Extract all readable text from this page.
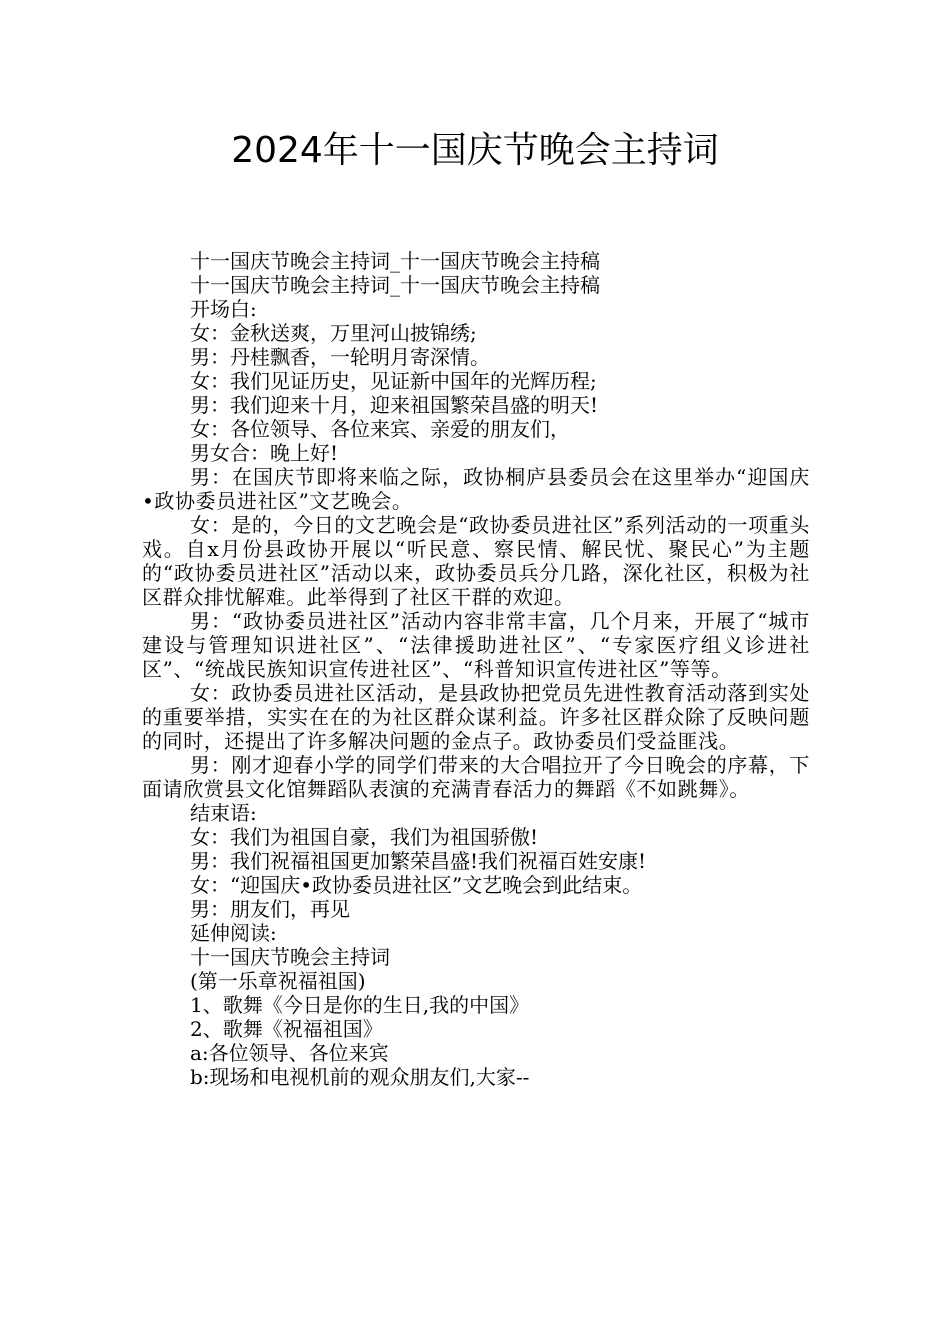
2024年十一国庆节晚会主持词

十一国庆节晚会主持词_十一国庆节晚会主持稿

十一国庆节晚会主持词_十一国庆节晚会主持稿

开场白:

女：金秋送爽，万里河山披锦绣;

男：丹桂飘香，一轮明月寄深情。

女：我们见证历史，见证新中国年的光辉历程;

男：我们迎来十月，迎来祖国繁荣昌盛的明天!

女：各位领导、各位来宾、亲爱的朋友们，

男女合：晚上好!

男：在国庆节即将来临之际，政协桐庐县委员会在这里举办“迎国庆•政协委员进社区”文艺晚会。

女：是的，今日的文艺晚会是“政协委员进社区”系列活动的一项重头戏。自x月份县政协开展以“听民意、察民情、解民忧、聚民心”为主题的“政协委员进社区”活动以来，政协委员兵分几路，深化社区，积极为社区群众排忧解难。此举得到了社区干群的欢迎。

男：“政协委员进社区”活动内容非常丰富，几个月来，开展了“城市建设与管理知识进社区”、“法律援助进社区”、“专家医疗组义诊进社区”、“统战民族知识宣传进社区”、“科普知识宣传进社区”等等。

女：政协委员进社区活动，是县政协把党员先进性教育活动落到实处的重要举措，实实在在的为社区群众谋利益。许多社区群众除了反映问题的同时，还提出了许多解决问题的金点子。政协委员们受益匪浅。

男：刚才迎春小学的同学们带来的大合唱拉开了今日晚会的序幕，下面请欣赏县文化馆舞蹈队表演的充满青春活力的舞蹈《不如跳舞》。

结束语:

女：我们为祖国自豪，我们为祖国骄傲!

男：我们祝福祖国更加繁荣昌盛!我们祝福百姓安康!

女：“迎国庆•政协委员进社区”文艺晚会到此结束。

男：朋友们，再见

延伸阅读:

十一国庆节晚会主持词

(第一乐章祝福祖国)

1、歌舞《今日是你的生日,我的中国》

2、歌舞《祝福祖国》

a:各位领导、各位来宾

b:现场和电视机前的观众朋友们,大家--
